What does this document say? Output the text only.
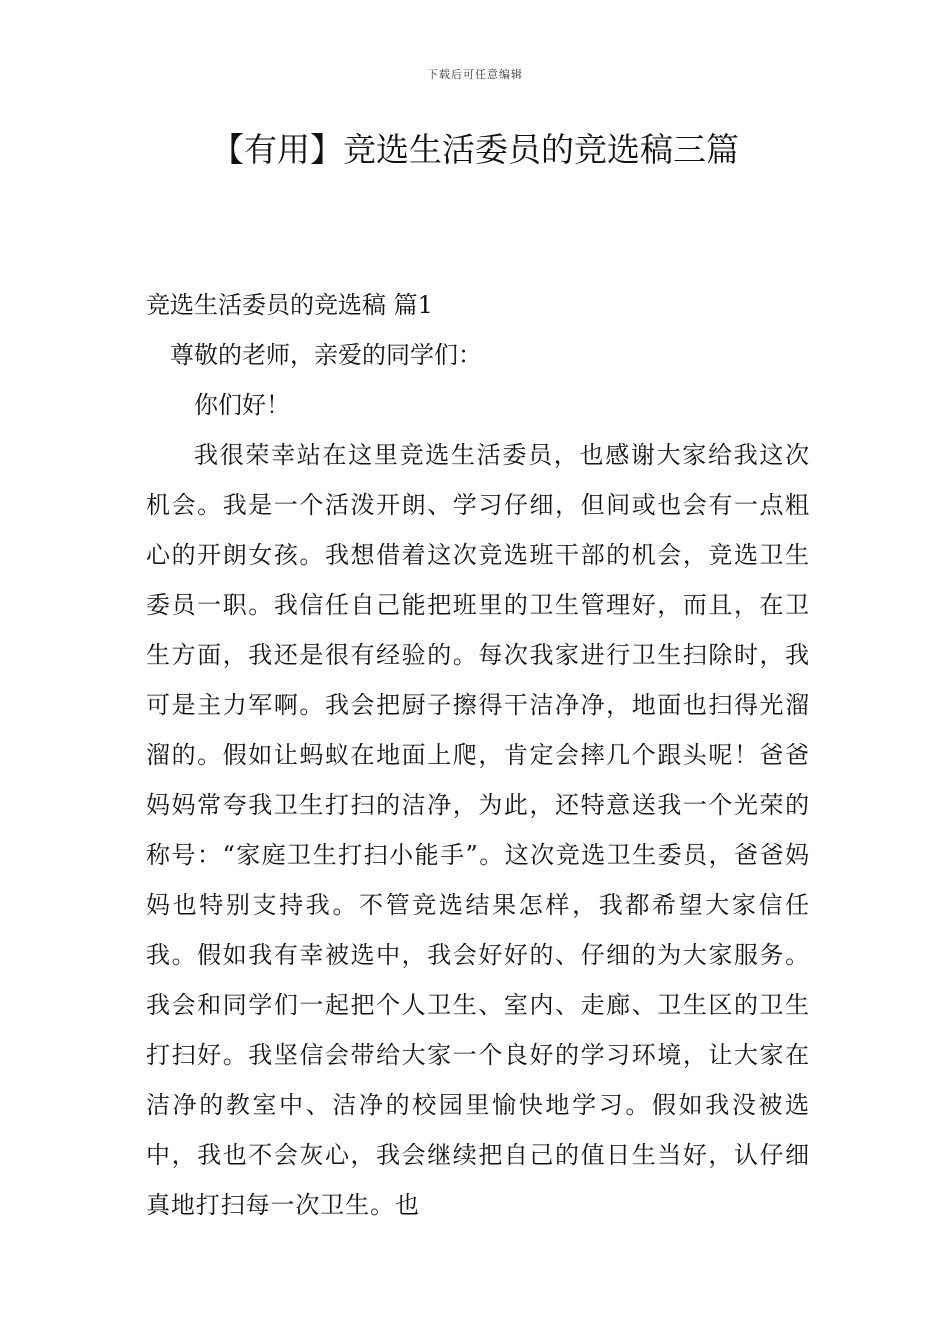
下载后可任意编辑
【有用】竞选生活委员的竞选稿三篇

竞选生活委员的竞选稿 篇1

尊敬的老师，亲爱的同学们：

你们好！

我很荣幸站在这里竞选生活委员，也感谢大家给我这次机会。我是一个活泼开朗、学习仔细，但间或也会有一点粗心的开朗女孩。我想借着这次竞选班干部的机会，竞选卫生委员一职。我信任自己能把班里的卫生管理好，而且，在卫生方面，我还是很有经验的。每次我家进行卫生扫除时，我可是主力军啊。我会把厨子擦得干洁净净，地面也扫得光溜溜的。假如让蚂蚁在地面上爬，肯定会摔几个跟头呢！爸爸妈妈常夸我卫生打扫的洁净，为此，还特意送我一个光荣的称号：“家庭卫生打扫小能手”。这次竞选卫生委员，爸爸妈妈也特别支持我。不管竞选结果怎样，我都希望大家信任我。假如我有幸被选中，我会好好的、仔细的为大家服务。我会和同学们一起把个人卫生、室内、走廊、卫生区的卫生打扫好。我坚信会带给大家一个良好的学习环境，让大家在洁净的教室中、洁净的校园里愉快地学习。假如我没被选中，我也不会灰心，我会继续把自己的值日生当好，认仔细真地打扫每一次卫生。也
